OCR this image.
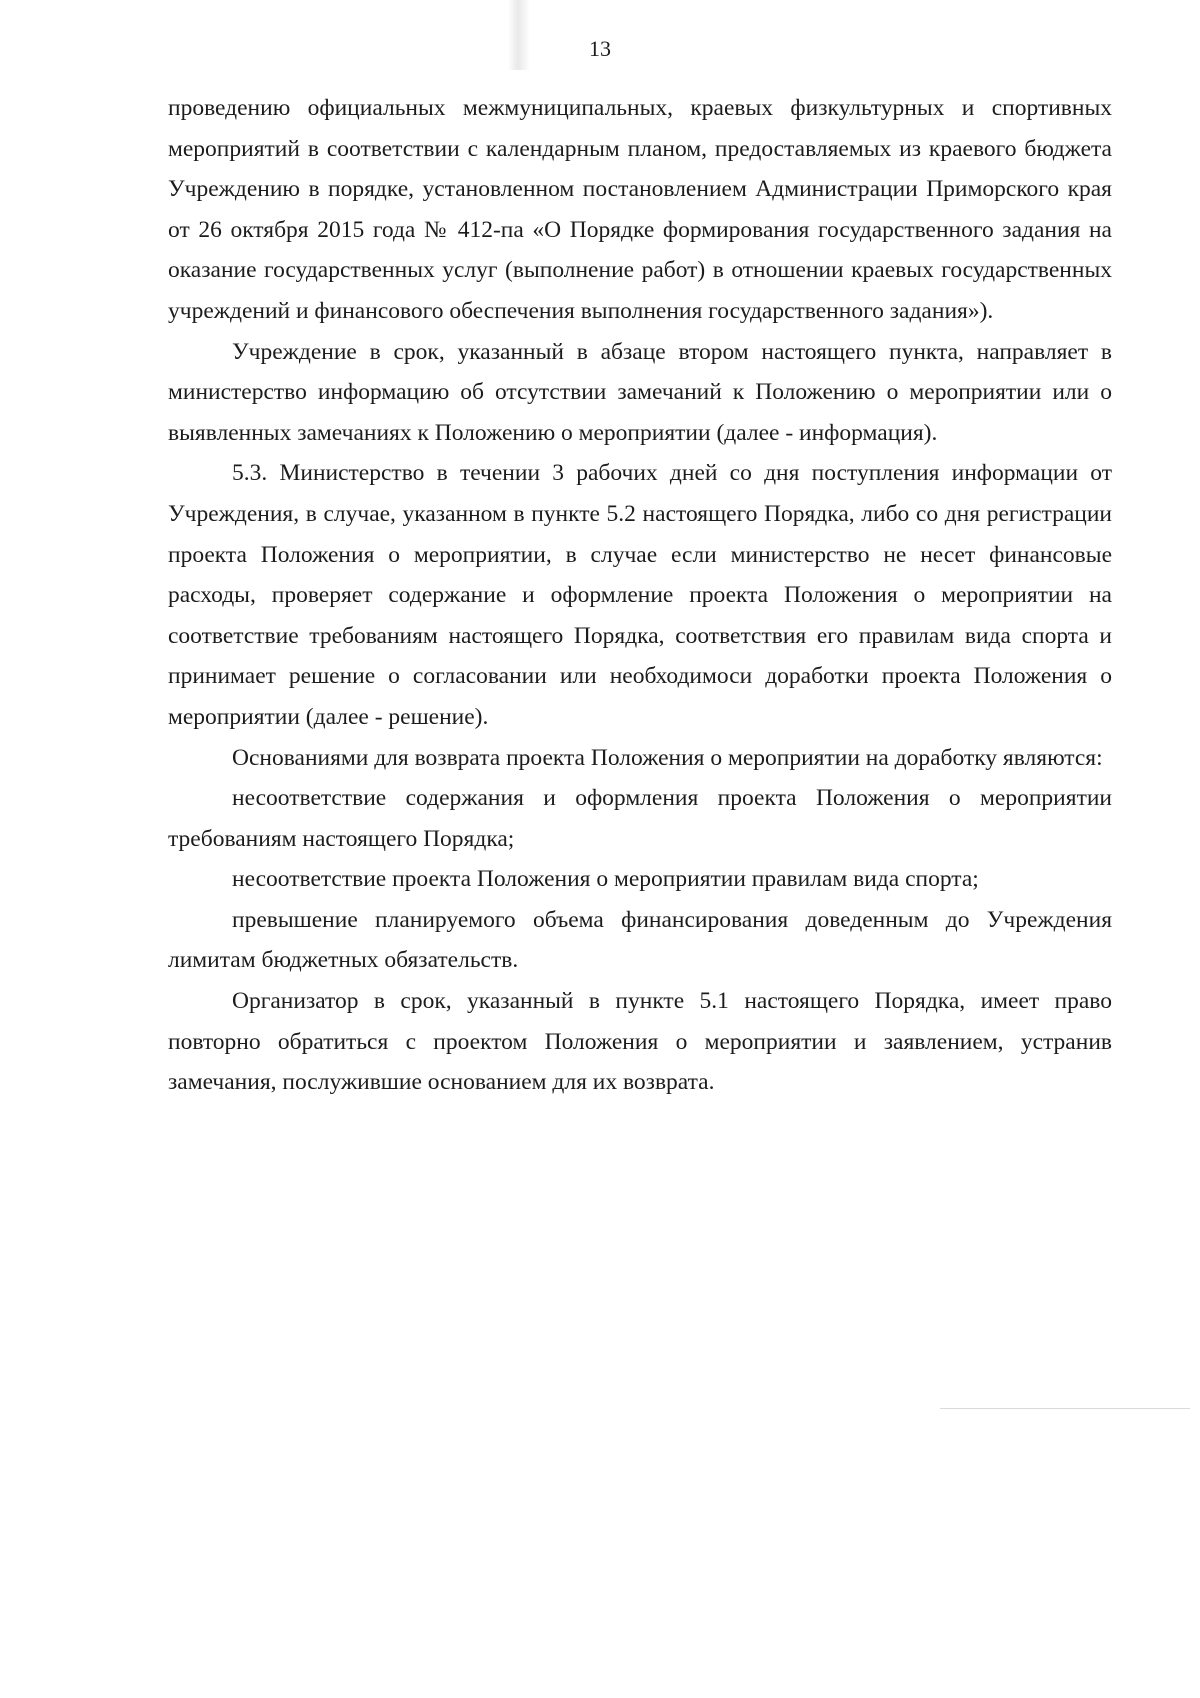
13

проведению официальных межмуниципальных, краевых физкультурных и спортивных мероприятий в соответствии с календарным планом, предоставляемых из краевого бюджета Учреждению в порядке, установленном постановлением Администрации Приморского края от 26 октября 2015 года № 412-па «О Порядке формирования государственного задания на оказание государственных услуг (выполнение работ) в отношении краевых государственных учреждений и финансового обеспечения выполнения государственного задания»).

Учреждение в срок, указанный в абзаце втором настоящего пункта, направляет в министерство информацию об отсутствии замечаний к Положению о мероприятии или о выявленных замечаниях к Положению о мероприятии (далее - информация).

5.3. Министерство в течении 3 рабочих дней со дня поступления информации от Учреждения, в случае, указанном в пункте 5.2 настоящего Порядка, либо со дня регистрации проекта Положения о мероприятии, в случае если министерство не несет финансовые расходы, проверяет содержание и оформление проекта Положения о мероприятии на соответствие требованиям настоящего Порядка, соответствия его правилам вида спорта и принимает решение о согласовании или необходимоси доработки проекта Положения о мероприятии (далее - решение).

Основаниями для возврата проекта Положения о мероприятии на доработку являются:

несоответствие содержания и оформления проекта Положения о мероприятии требованиям настоящего Порядка;

несоответствие проекта Положения о мероприятии правилам вида спорта;

превышение планируемого объема финансирования доведенным до Учреждения лимитам бюджетных обязательств.

Организатор в срок, указанный в пункте 5.1 настоящего Порядка, имеет право повторно обратиться с проектом Положения о мероприятии и заявлением, устранив замечания, послужившие основанием для их возврата.
